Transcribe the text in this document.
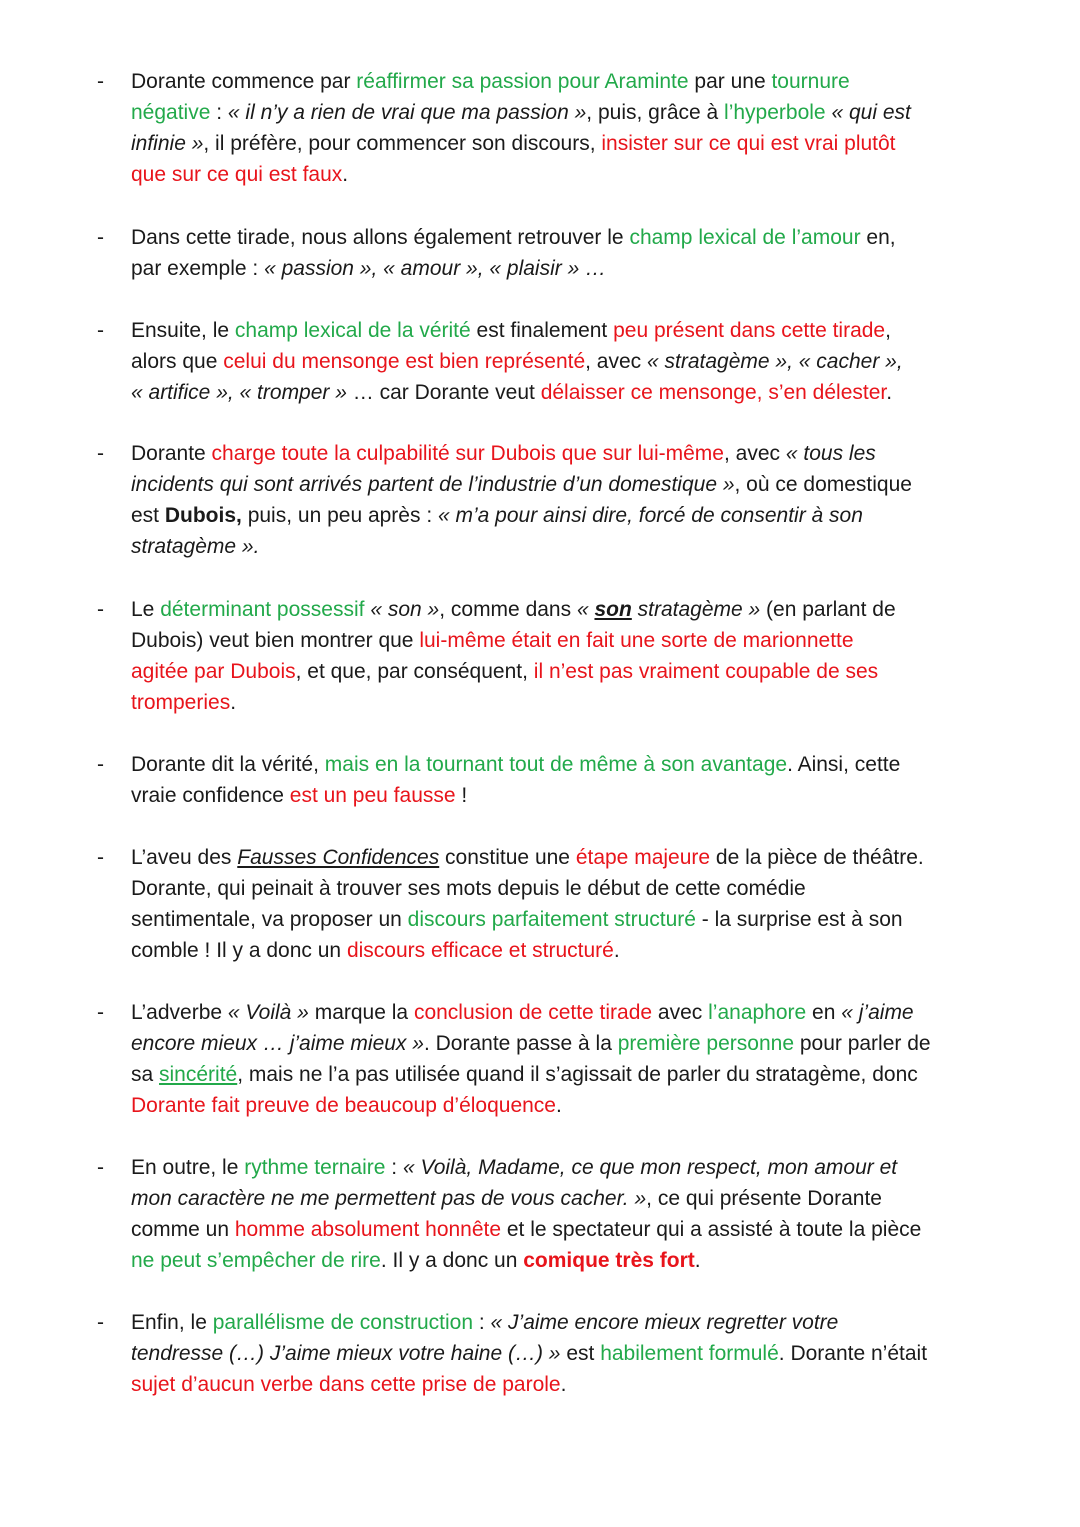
- Dorante commence par réaffirmer sa passion pour Araminte par une tournure
négative : « il n’y a rien de vrai que ma passion », puis, grâce à l’hyperbole « qui est
infinie », il préfère, pour commencer son discours, insister sur ce qui est vrai plutôt
que sur ce qui est faux.
- Dans cette tirade, nous allons également retrouver le champ lexical de l’amour en,
par exemple : « passion », « amour », « plaisir » …
- Ensuite, le champ lexical de la vérité est finalement peu présent dans cette tirade,
alors que celui du mensonge est bien représenté, avec « stratagème », « cacher »,
« artifice », « tromper » … car Dorante veut délaisser ce mensonge, s’en délester.
- Dorante charge toute la culpabilité sur Dubois que sur lui-même, avec « tous les
incidents qui sont arrivés partent de l’industrie d’un domestique », où ce domestique
est Dubois, puis, un peu après : « m’a pour ainsi dire, forcé de consentir à son
stratagème ».
- Le déterminant possessif « son », comme dans « son stratagème » (en parlant de
Dubois) veut bien montrer que lui-même était en fait une sorte de marionnette
agitée par Dubois, et que, par conséquent, il n’est pas vraiment coupable de ses
tromperies.
- Dorante dit la vérité, mais en la tournant tout de même à son avantage. Ainsi, cette
vraie confidence est un peu fausse !
- L’aveu des Fausses Confidences constitue une étape majeure de la pièce de théâtre.
Dorante, qui peinait à trouver ses mots depuis le début de cette comédie
sentimentale, va proposer un discours parfaitement structuré - la surprise est à son
comble ! Il y a donc un discours efficace et structuré.
- L’adverbe « Voilà » marque la conclusion de cette tirade avec l’anaphore en « j’aime
encore mieux … j’aime mieux ». Dorante passe à la première personne pour parler de
sa sincérité, mais ne l’a pas utilisée quand il s’agissait de parler du stratagème, donc
Dorante fait preuve de beaucoup d’éloquence.
- En outre, le rythme ternaire : « Voilà, Madame, ce que mon respect, mon amour et
mon caractère ne me permettent pas de vous cacher. », ce qui présente Dorante
comme un homme absolument honnête et le spectateur qui a assisté à toute la pièce
ne peut s’empêcher de rire. Il y a donc un comique très fort.
- Enfin, le parallélisme de construction : « J’aime encore mieux regretter votre
tendresse (…) J’aime mieux votre haine (…) » est habilement formulé. Dorante n’était
sujet d’aucun verbe dans cette prise de parole.
